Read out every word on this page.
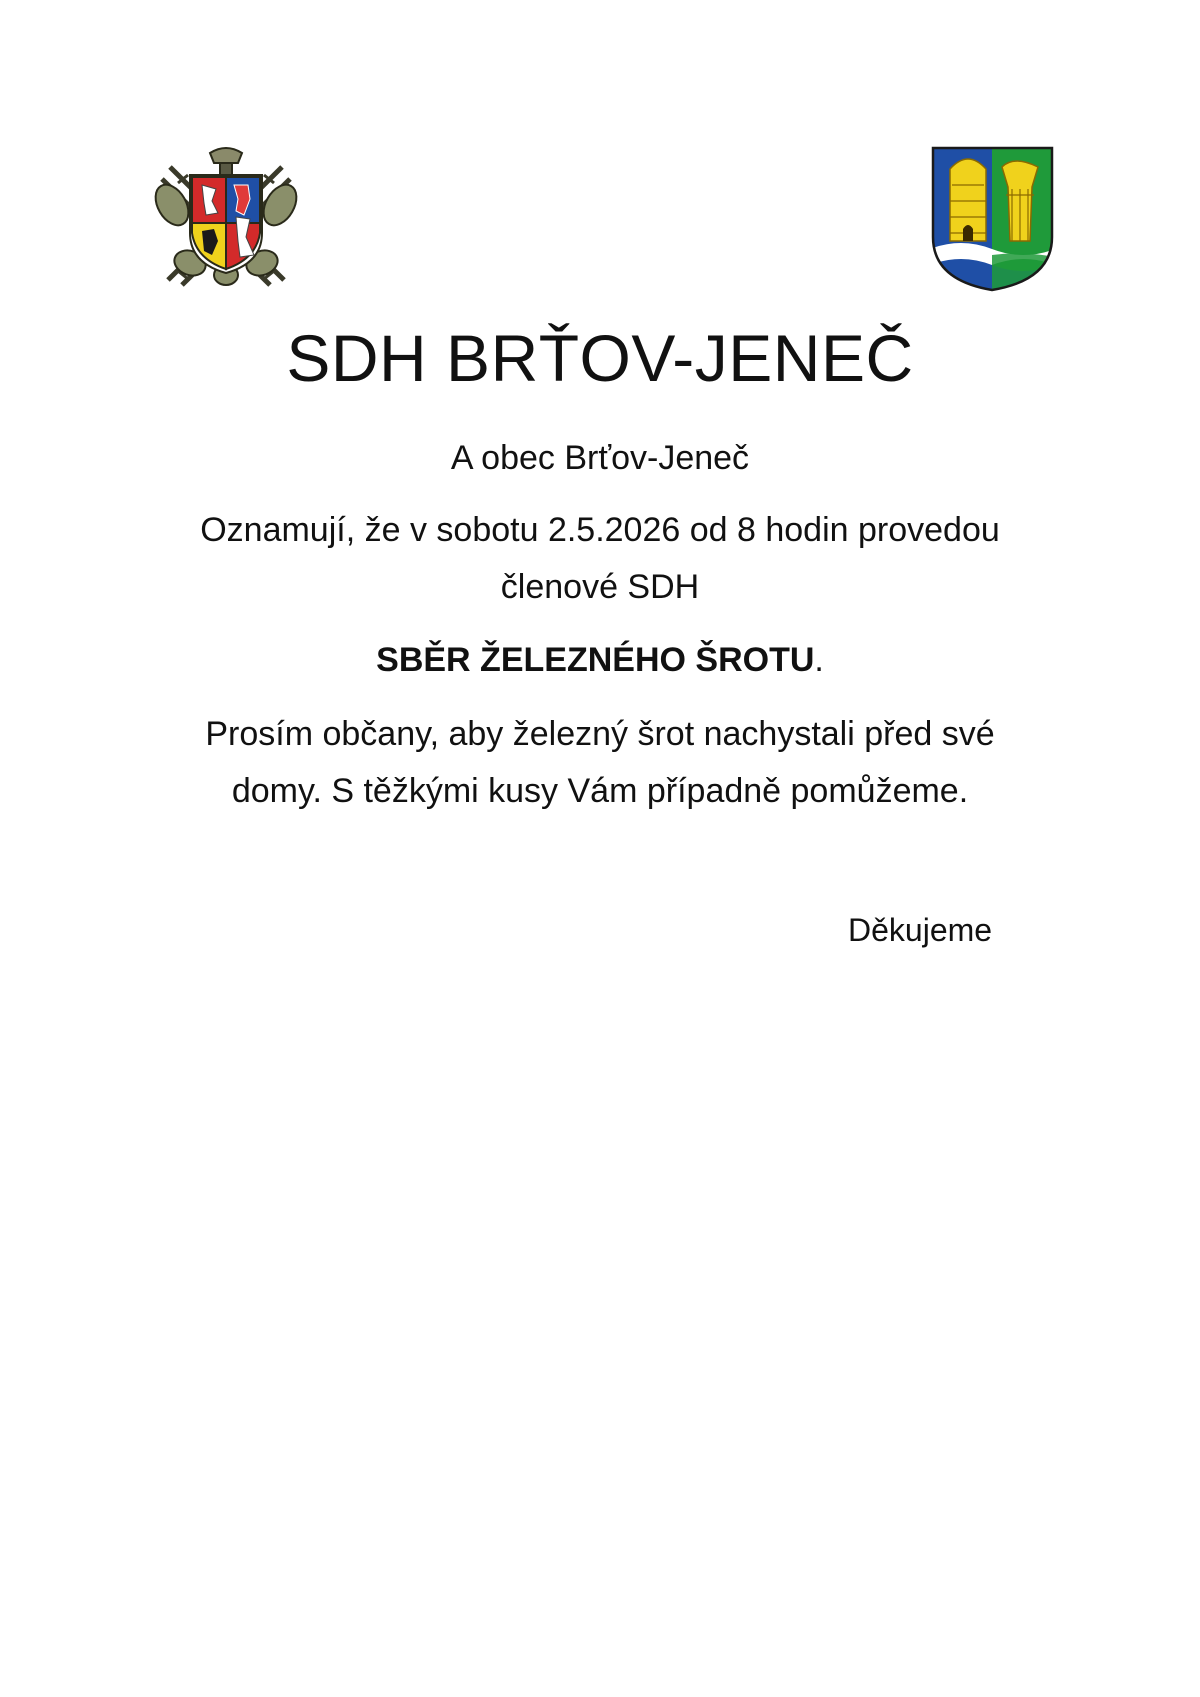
SDH BRŤOV-JENEČ
A obec Brťov-Jeneč
Oznamují, že v sobotu 2.5.2026 od 8 hodin provedou
členové SDH
SBĚR ŽELEZNÉHO ŠROTU.
Prosím občany, aby železný šrot nachystali před své
domy. S těžkými kusy Vám případně pomůžeme.
Děkujeme
